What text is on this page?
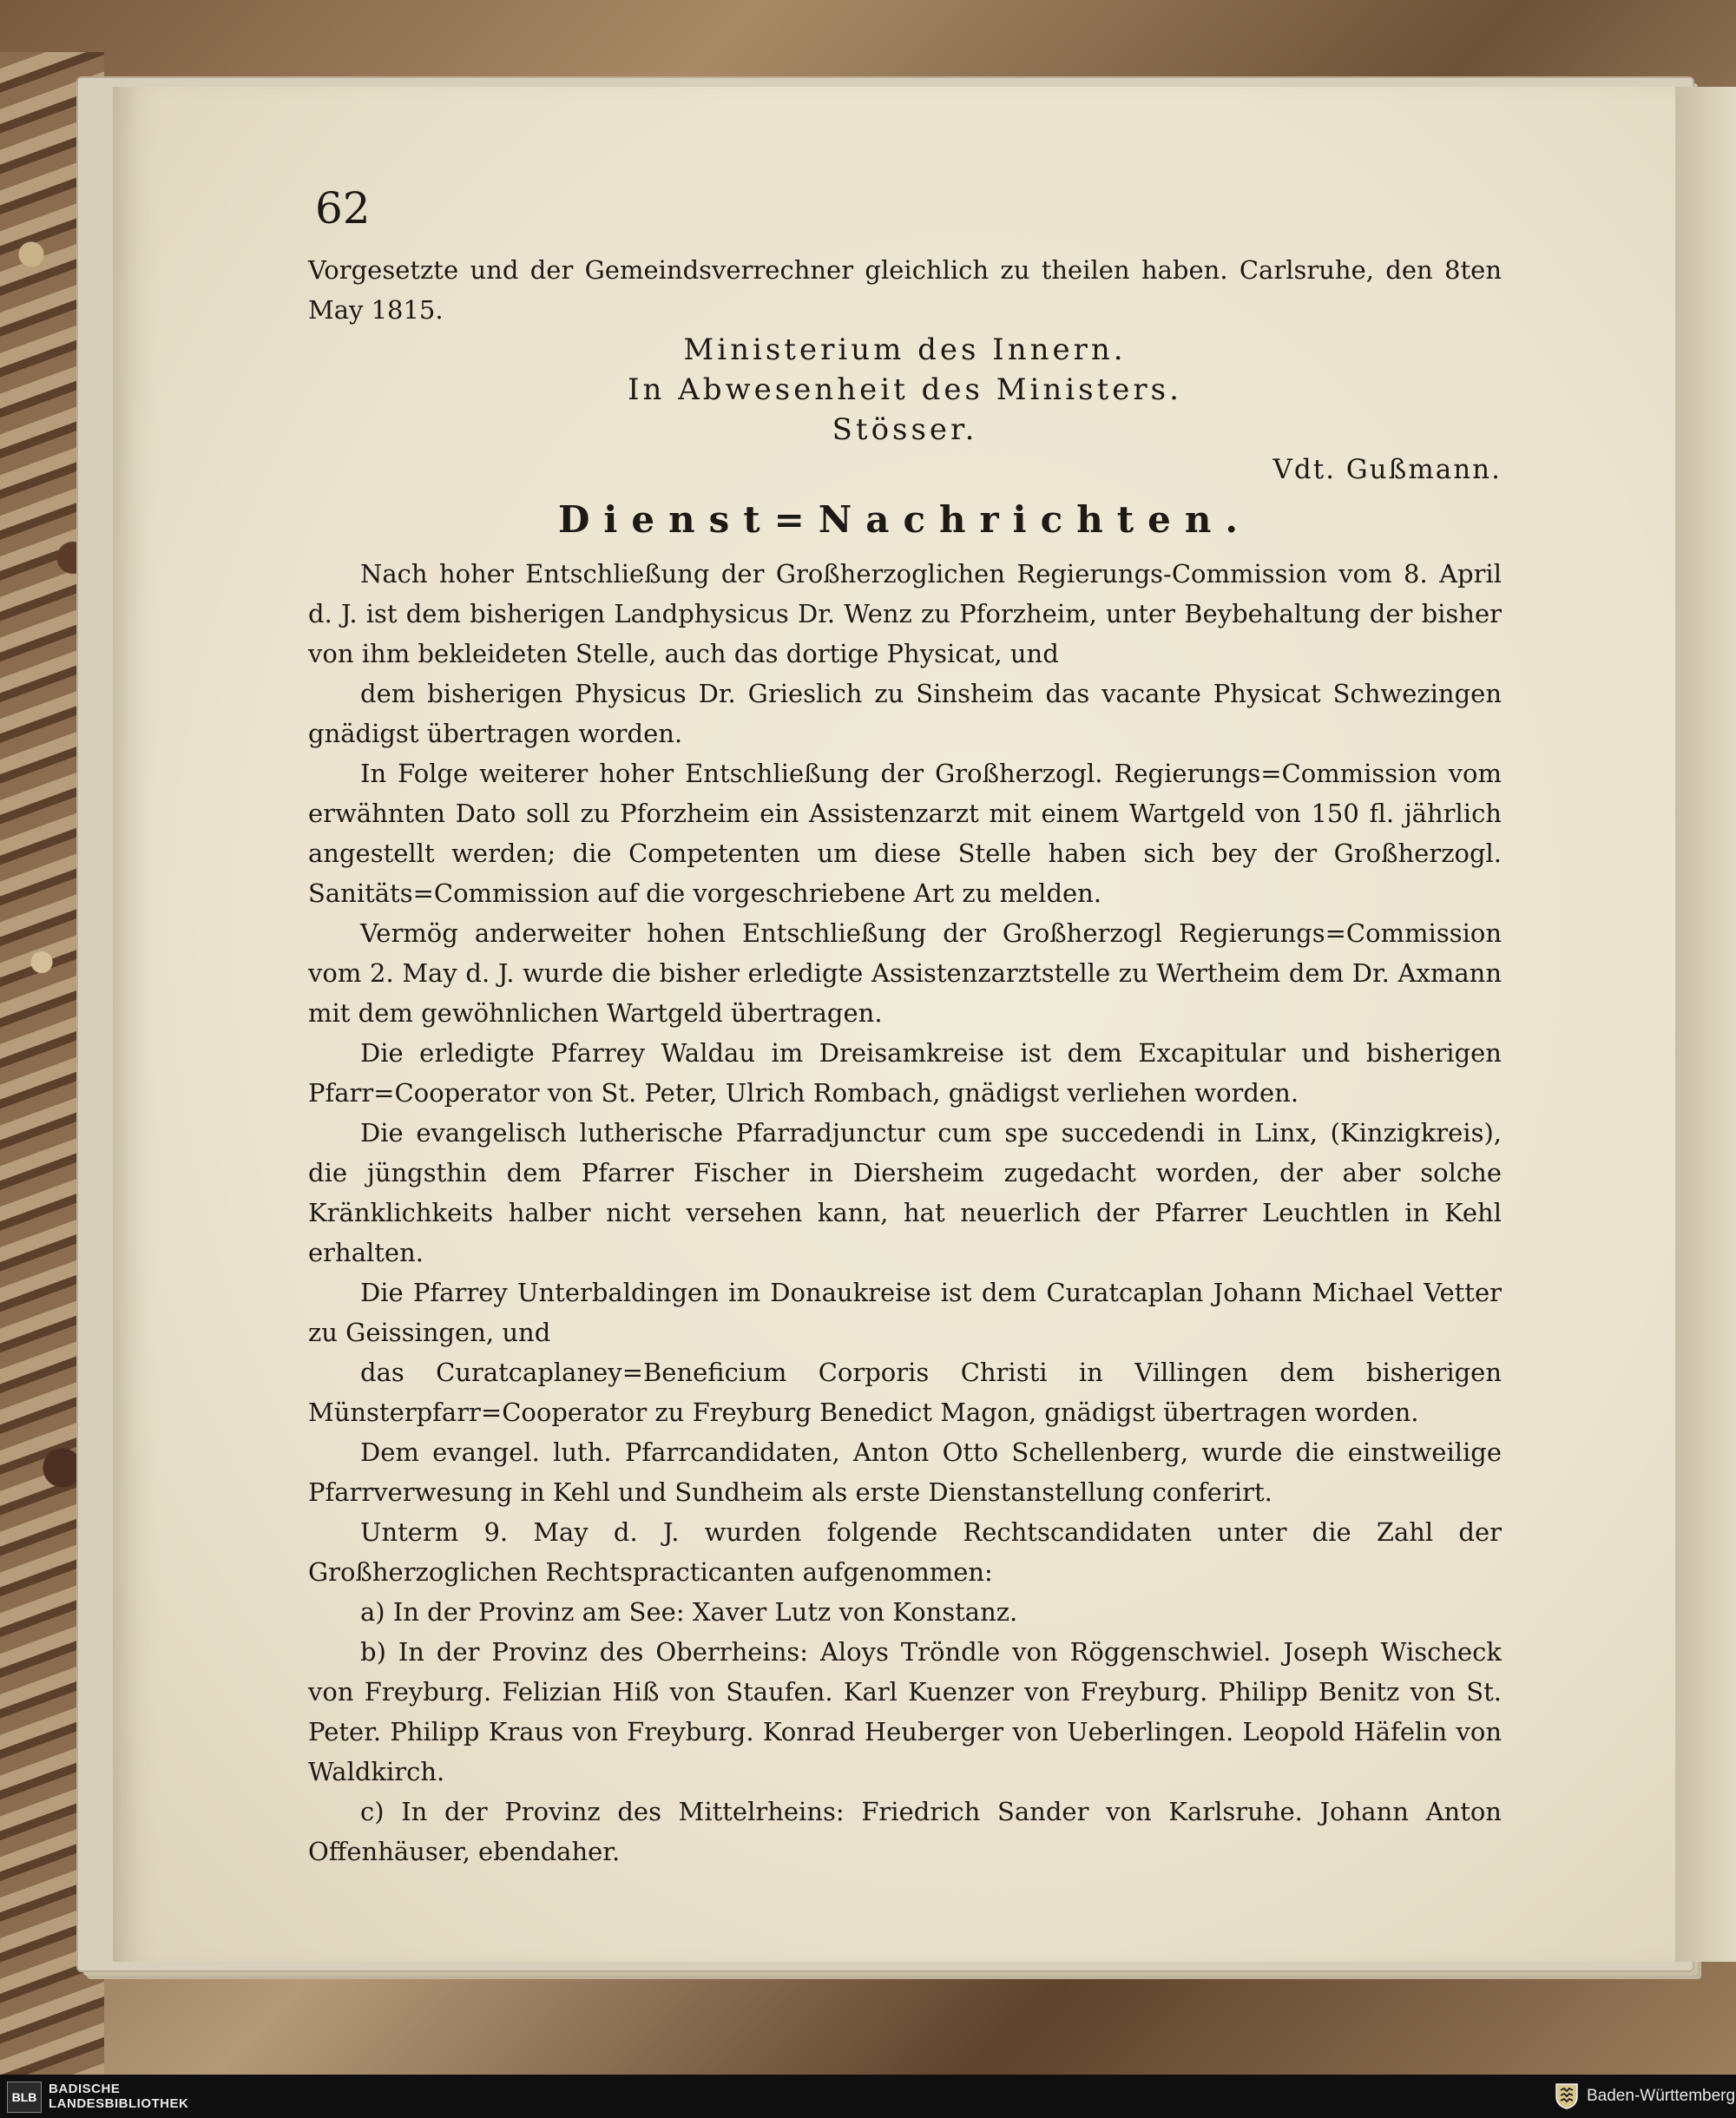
62

Vorgesetzte und der Gemeindsverrechner gleichlich zu theilen haben. Carlsruhe, den 8ten May 1815.

Ministerium des Innern.

In Abwesenheit des Ministers.

Stösser.

Vdt. Gußmann.

Dienst=Nachrichten.

Nach hoher Entschließung der Großherzoglichen Regierungs-Commission vom 8. April d. J. ist dem bisherigen Landphysicus Dr. Wenz zu Pforzheim, unter Beybehaltung der bisher von ihm bekleideten Stelle, auch das dortige Physicat, und

dem bisherigen Physicus Dr. Grieslich zu Sinsheim das vacante Physicat Schwezingen gnädigst übertragen worden.

In Folge weiterer hoher Entschließung der Großherzogl. Regierungs=Commission vom erwähnten Dato soll zu Pforzheim ein Assistenzarzt mit einem Wartgeld von 150 fl. jährlich angestellt werden; die Competenten um diese Stelle haben sich bey der Großherzogl. Sanitäts=Commission auf die vorgeschriebene Art zu melden.

Vermög anderweiter hohen Entschließung der Großherzogl Regierungs=Commission vom 2. May d. J. wurde die bisher erledigte Assistenzarztstelle zu Wertheim dem Dr. Axmann mit dem gewöhnlichen Wartgeld übertragen.

Die erledigte Pfarrey Waldau im Dreisamkreise ist dem Excapitular und bisherigen Pfarr=Cooperator von St. Peter, Ulrich Rombach, gnädigst verliehen worden.

Die evangelisch lutherische Pfarradjunctur cum spe succedendi in Linx, (Kinzigkreis), die jüngsthin dem Pfarrer Fischer in Diersheim zugedacht worden, der aber solche Kränklichkeits halber nicht versehen kann, hat neuerlich der Pfarrer Leuchtlen in Kehl erhalten.

Die Pfarrey Unterbaldingen im Donaukreise ist dem Curatcaplan Johann Michael Vetter zu Geissingen, und

das Curatcaplaney=Beneficium Corporis Christi in Villingen dem bisherigen Münsterpfarr=Cooperator zu Freyburg Benedict Magon, gnädigst übertragen worden.

Dem evangel. luth. Pfarrcandidaten, Anton Otto Schellenberg, wurde die einstweilige Pfarrverwesung in Kehl und Sundheim als erste Dienstanstellung conferirt.

Unterm 9. May d. J. wurden folgende Rechtscandidaten unter die Zahl der Großherzoglichen Rechtspracticanten aufgenommen:

a) In der Provinz am See: Xaver Lutz von Konstanz.

b) In der Provinz des Oberrheins: Aloys Tröndle von Röggenschwiel. Joseph Wischeck von Freyburg. Felizian Hiß von Staufen. Karl Kuenzer von Freyburg. Philipp Benitz von St. Peter. Philipp Kraus von Freyburg. Konrad Heuberger von Ueberlingen. Leopold Häfelin von Waldkirch.

c) In der Provinz des Mittelrheins: Friedrich Sander von Karlsruhe. Johann Anton Offenhäuser, ebendaher.

BLB
BADISCHE
LANDESBIBLIOTHEK	Baden-Württemberg
